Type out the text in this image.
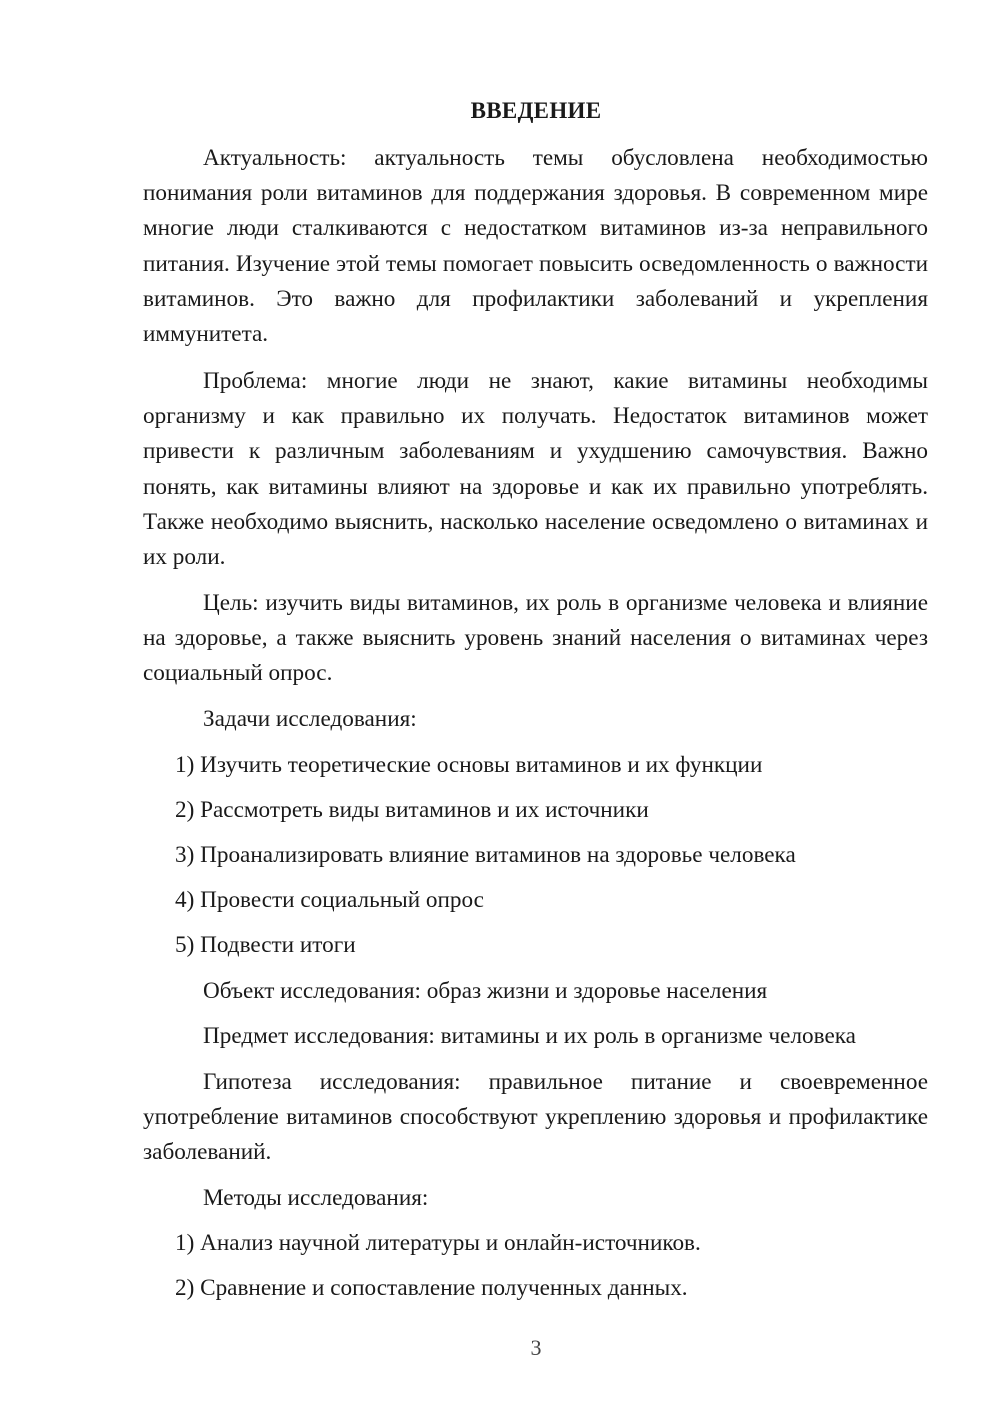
ВВЕДЕНИЕ

Актуальность: актуальность темы обусловлена необходимостью понимания роли витаминов для поддержания здоровья. В современном мире многие люди сталкиваются с недостатком витаминов из-за неправильного питания. Изучение этой темы помогает повысить осведомленность о важности витаминов. Это важно для профилактики заболеваний и укрепления иммунитета.

Проблема: многие люди не знают, какие витамины необходимы организму и как правильно их получать. Недостаток витаминов может привести к различным заболеваниям и ухудшению самочувствия. Важно понять, как витамины влияют на здоровье и как их правильно употреблять. Также необходимо выяснить, насколько население осведомлено о витаминах и их роли.

Цель: изучить виды витаминов, их роль в организме человека и влияние на здоровье, а также выяснить уровень знаний населения о витаминах через социальный опрос.

Задачи исследования:

1) Изучить теоретические основы витаминов и их функции

2) Рассмотреть виды витаминов и их источники

3) Проанализировать влияние витаминов на здоровье человека

4) Провести социальный опрос

5) Подвести итоги

Объект исследования: образ жизни и здоровье населения

Предмет исследования: витамины и их роль в организме человека

Гипотеза исследования: правильное питание и своевременное употребление витаминов способствуют укреплению здоровья и профилактике заболеваний.

Методы исследования:

1) Анализ научной литературы и онлайн-источников.

2) Сравнение и сопоставление полученных данных.

3
